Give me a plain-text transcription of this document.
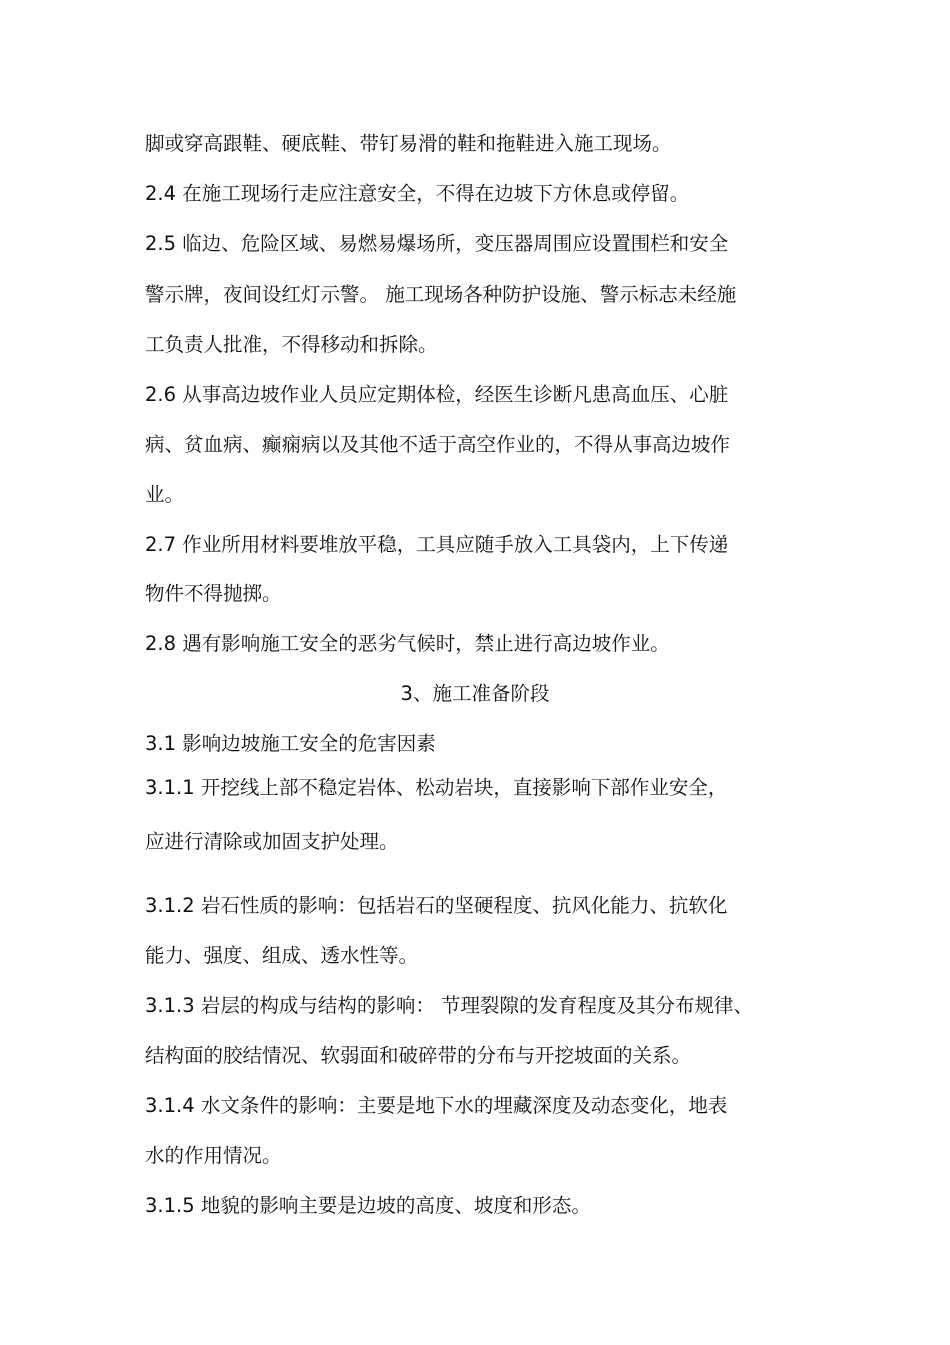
脚或穿高跟鞋、硬底鞋、带钉易滑的鞋和拖鞋进入施工现场。
2.4 在施工现场行走应注意安全，不得在边坡下方休息或停留。
2.5 临边、危险区域、易燃易爆场所，变压器周围应设置围栏和安全
警示牌，夜间设红灯示警。 施工现场各种防护设施、警示标志未经施
工负责人批准，不得移动和拆除。
2.6 从事高边坡作业人员应定期体检，经医生诊断凡患高血压、心脏
病、贫血病、癫痫病以及其他不适于高空作业的，不得从事高边坡作
业。
2.7 作业所用材料要堆放平稳，工具应随手放入工具袋内，上下传递
物件不得抛掷。
2.8 遇有影响施工安全的恶劣气候时，禁止进行高边坡作业。
3、施工准备阶段
3.1 影响边坡施工安全的危害因素
3.1.1 开挖线上部不稳定岩体、松动岩块，直接影响下部作业安全，
应进行清除或加固支护处理。
3.1.2 岩石性质的影响：包括岩石的坚硬程度、抗风化能力、抗软化
能力、强度、组成、透水性等。
3.1.3 岩层的构成与结构的影响： 节理裂隙的发育程度及其分布规律、
结构面的胶结情况、软弱面和破碎带的分布与开挖坡面的关系。
3.1.4 水文条件的影响：主要是地下水的埋藏深度及动态变化，地表
水的作用情况。
3.1.5 地貌的影响主要是边坡的高度、坡度和形态。
